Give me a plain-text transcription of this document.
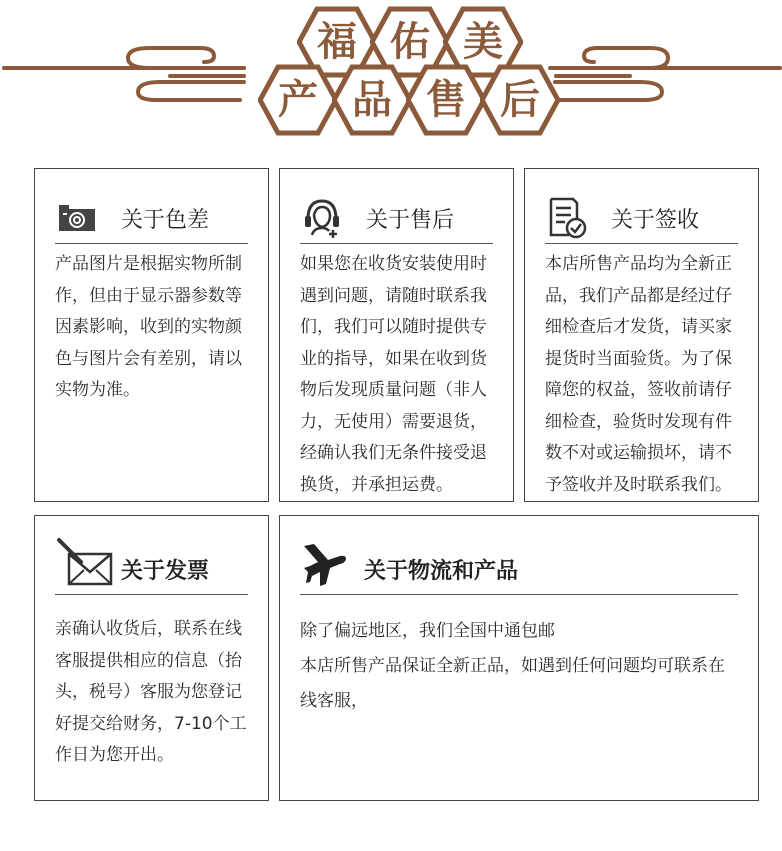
福 佑 美
产 品 售 后
关于色差
产品图片是根据实物所制作，但由于显示器参数等因素影响，收到的实物颜色与图片会有差别，请以实物为准。
关于售后
如果您在收货安装使用时遇到问题，请随时联系我们，我们可以随时提供专业的指导，如果在收到货物后发现质量问题（非人力，无使用）需要退货，经确认我们无条件接受退换货，并承担运费。
关于签收
本店所售产品均为全新正品，我们产品都是经过仔细检查后才发货，请买家提货时当面验货。为了保障您的权益，签收前请仔细检查，验货时发现有件数不对或运输损坏，请不予签收并及时联系我们。
关于发票
亲确认收货后，联系在线客服提供相应的信息（抬头，税号）客服为您登记好提交给财务，7-10个工作日为您开出。
关于物流和产品

除了偏远地区，我们全国中通包邮

本店所售产品保证全新正品，如遇到任何问题均可联系在线客服，
